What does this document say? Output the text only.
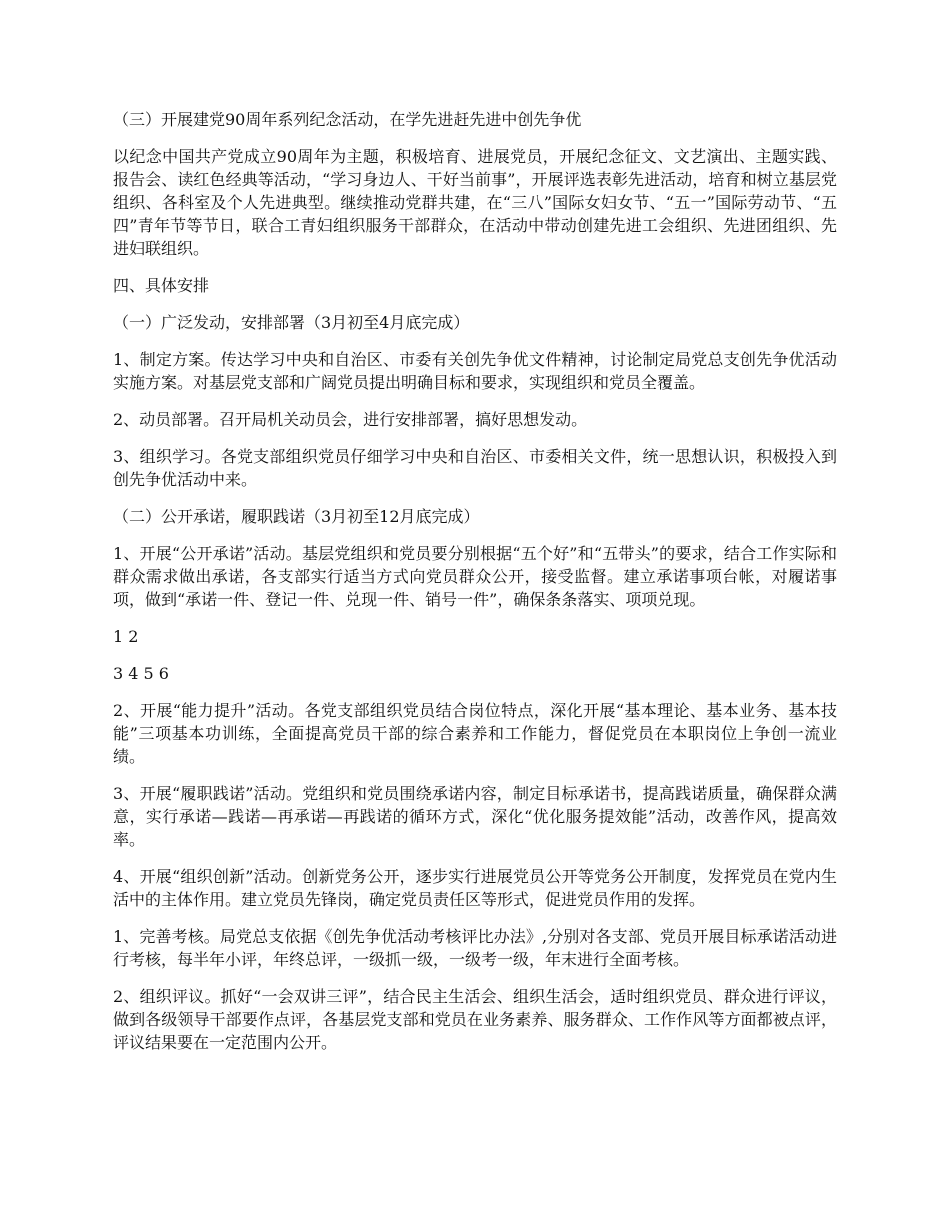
（三）开展建党90周年系列纪念活动，在学先进赶先进中创先争优

以纪念中国共产党成立90周年为主题，积极培育、进展党员，开展纪念征文、文艺演出、主题实践、报告会、读红色经典等活动，“学习身边人、干好当前事”，开展评选表彰先进活动，培育和树立基层党组织、各科室及个人先进典型。继续推动党群共建，在“三八”国际女妇女节、“五一”国际劳动节、“五四”青年节等节日，联合工青妇组织服务干部群众，在活动中带动创建先进工会组织、先进团组织、先进妇联组织。

四、具体安排

（一）广泛发动，安排部署（3月初至4月底完成）

1、制定方案。传达学习中央和自治区、市委有关创先争优文件精神，讨论制定局党总支创先争优活动实施方案。对基层党支部和广阔党员提出明确目标和要求，实现组织和党员全覆盖。

2、动员部署。召开局机关动员会，进行安排部署，搞好思想发动。

3、组织学习。各党支部组织党员仔细学习中央和自治区、市委相关文件，统一思想认识，积极投入到创先争优活动中来。

（二）公开承诺，履职践诺（3月初至12月底完成）

1、开展“公开承诺”活动。基层党组织和党员要分别根据“五个好”和“五带头”的要求，结合工作实际和群众需求做出承诺，各支部实行适当方式向党员群众公开，接受监督。建立承诺事项台帐，对履诺事项，做到“承诺一件、登记一件、兑现一件、销号一件”，确保条条落实、项项兑现。

1 2

3 4 5 6

2、开展“能力提升”活动。各党支部组织党员结合岗位特点，深化开展“基本理论、基本业务、基本技能”三项基本功训练，全面提高党员干部的综合素养和工作能力，督促党员在本职岗位上争创一流业绩。

3、开展“履职践诺”活动。党组织和党员围绕承诺内容，制定目标承诺书，提高践诺质量，确保群众满意，实行承诺—践诺—再承诺—再践诺的循环方式，深化“优化服务提效能”活动，改善作风，提高效率。

4、开展“组织创新”活动。创新党务公开，逐步实行进展党员公开等党务公开制度，发挥党员在党内生活中的主体作用。建立党员先锋岗，确定党员责任区等形式，促进党员作用的发挥。

1、完善考核。局党总支依据《创先争优活动考核评比办法》,分别对各支部、党员开展目标承诺活动进行考核，每半年小评，年终总评，一级抓一级，一级考一级，年末进行全面考核。

2、组织评议。抓好“一会双讲三评”，结合民主生活会、组织生活会，适时组织党员、群众进行评议，做到各级领导干部要作点评，各基层党支部和党员在业务素养、服务群众、工作作风等方面都被点评，评议结果要在一定范围内公开。
